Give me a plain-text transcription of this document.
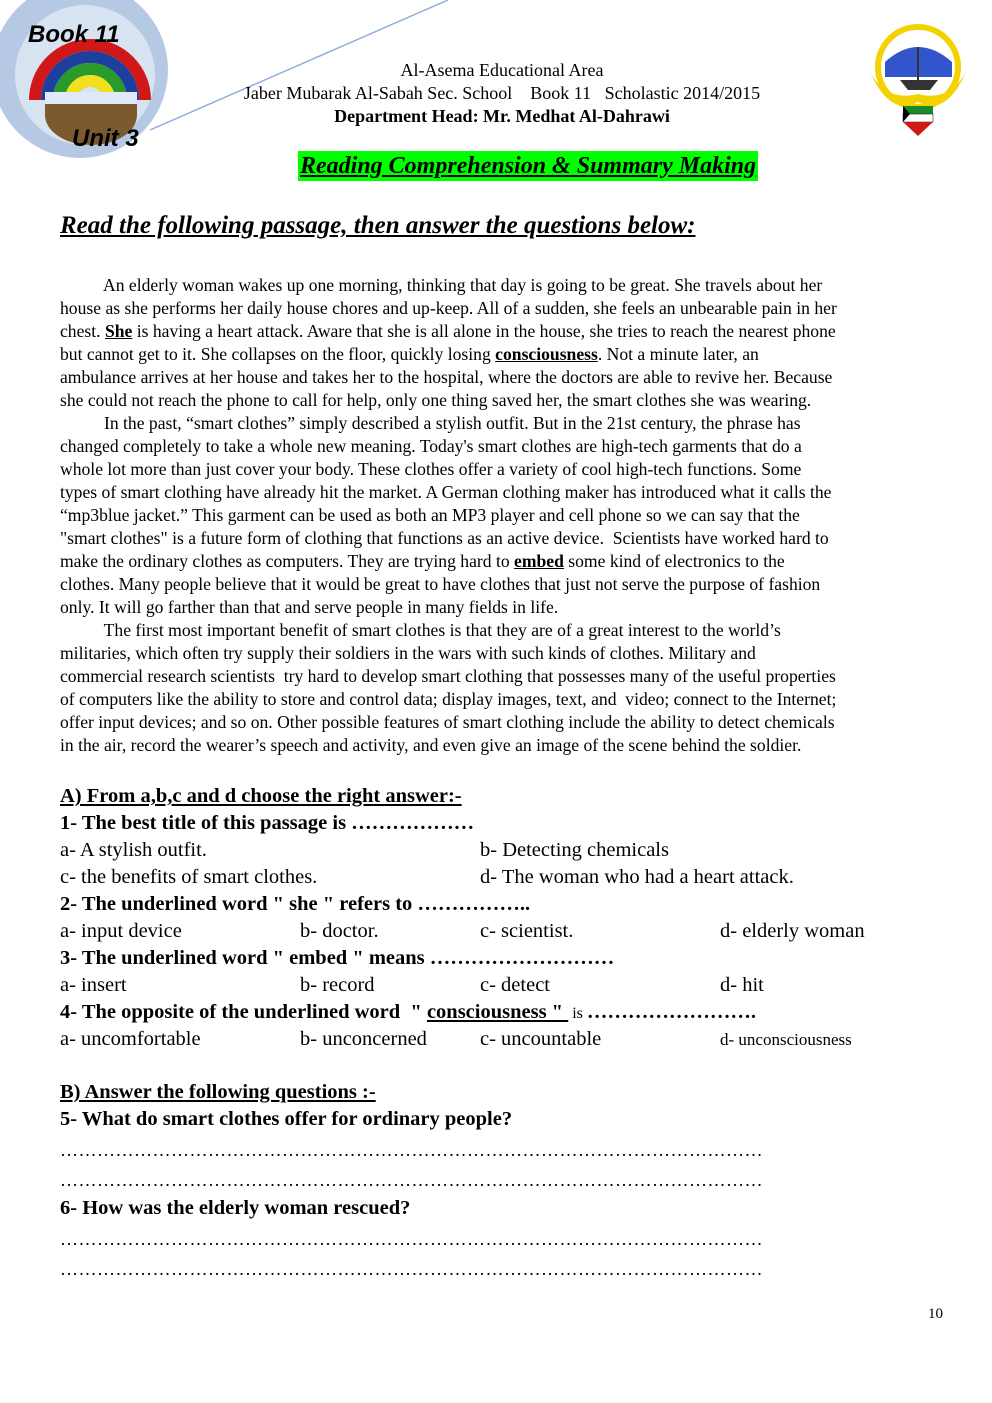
Book 11
Unit 3
Al-Asema Educational Area
Jaber Mubarak Al-Sabah Sec. School    Book 11   Scholastic 2014/2015
Department Head: Mr. Medhat Al-Dahrawi
Reading Comprehension & Summary Making
Read the following passage, then answer the questions below:
An elderly woman wakes up one morning, thinking that day is going to be great. She travels about her
house as she performs her daily house chores and up-keep. All of a sudden, she feels an unbearable pain in her
chest. She is having a heart attack. Aware that she is all alone in the house, she tries to reach the nearest phone
but cannot get to it. She collapses on the floor, quickly losing consciousness. Not a minute later, an
ambulance arrives at her house and takes her to the hospital, where the doctors are able to revive her. Because
she could not reach the phone to call for help, only one thing saved her, the smart clothes she was wearing.
In the past, “smart clothes” simply described a stylish outfit. But in the 21st century, the phrase has
changed completely to take a whole new meaning. Today's smart clothes are high-tech garments that do a
whole lot more than just cover your body. These clothes offer a variety of cool high-tech functions. Some
types of smart clothing have already hit the market. A German clothing maker has introduced what it calls the
“mp3blue jacket.” This garment can be used as both an MP3 player and cell phone so we can say that the
"smart clothes" is a future form of clothing that functions as an active device.  Scientists have worked hard to
make the ordinary clothes as computers. They are trying hard to embed some kind of electronics to the
clothes. Many people believe that it would be great to have clothes that just not serve the purpose of fashion
only. It will go farther than that and serve people in many fields in life.
The first most important benefit of smart clothes is that they are of a great interest to the world’s
militaries, which often try supply their soldiers in the wars with such kinds of clothes. Military and
commercial research scientists  try hard to develop smart clothing that possesses many of the useful properties
of computers like the ability to store and control data; display images, text, and  video; connect to the Internet;
offer input devices; and so on. Other possible features of smart clothing include the ability to detect chemicals
in the air, record the wearer’s speech and activity, and even give an image of the scene behind the soldier.
A) From a,b,c and d choose the right answer:-
1- The best title of this passage is ………………
a- A stylish outfit.	b- Detecting chemicals
c- the benefits of smart clothes.	d- The woman who had a heart attack.
2- The underlined word " she " refers to ……………..
a- input device	b- doctor.	c- scientist.	d- elderly woman
3- The underlined word " embed " means ………………………
a- insert	b- record	c- detect	d- hit
4- The opposite of the underlined word  " consciousness "  is …………………….
a- uncomfortable	b- unconcerned	c- uncountable	d- unconsciousness
B) Answer the following questions :-
5- What do smart clothes offer for ordinary people?
……………………………………………………………………………………………………
……………………………………………………………………………………………………
6- How was the elderly woman rescued?
……………………………………………………………………………………………………
……………………………………………………………………………………………………
10
